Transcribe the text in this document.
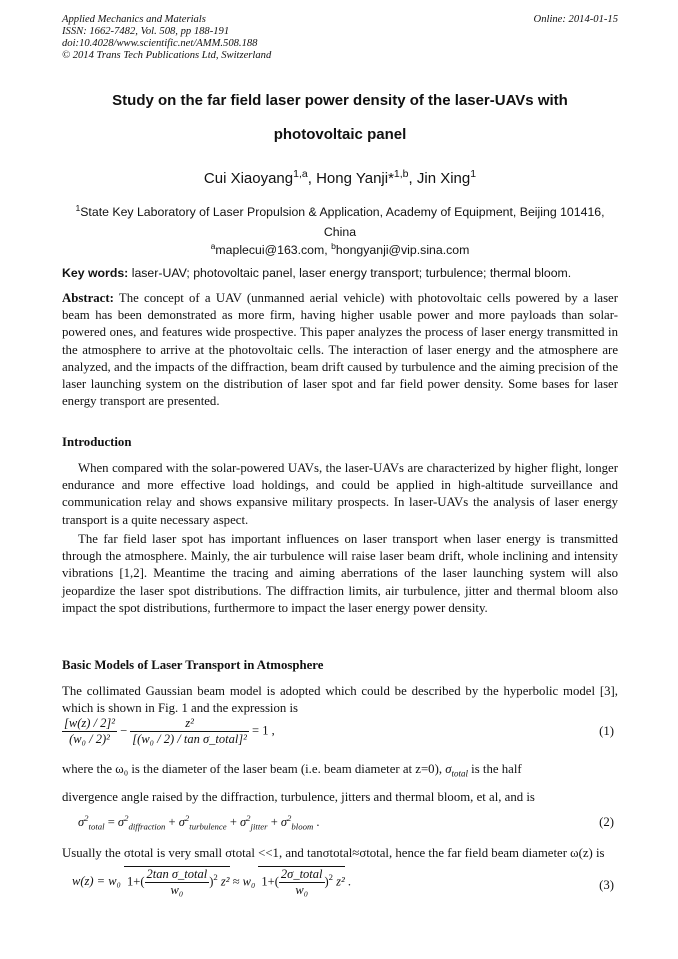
Applied Mechanics and Materials
ISSN: 1662-7482, Vol. 508, pp 188-191
doi:10.4028/www.scientific.net/AMM.508.188
© 2014 Trans Tech Publications Ltd, Switzerland
Online: 2014-01-15
Study on the far field laser power density of the laser-UAVs with
photovoltaic panel
Cui Xiaoyang$^{1,a}$, Hong Yanji*$^{1,b}$, Jin Xing$^1$
$^1$State Key Laboratory of Laser Propulsion & Application, Academy of Equipment, Beijing 101416, China
$^a$maplecui@163.com, $^b$hongyanji@vip.sina.com
Key words: laser-UAV; photovoltaic panel, laser energy transport; turbulence; thermal bloom.

Abstract: The concept of a UAV (unmanned aerial vehicle) with photovoltaic cells powered by a laser beam has been demonstrated as more firm, having higher usable power and more payloads than solar-powered ones, and features wide prospective. This paper analyzes the process of laser energy transmitted in the atmosphere to arrive at the photovoltaic cells. The interaction of laser energy and the atmosphere are analyzed, and the impacts of the diffraction, beam drift caused by turbulence and the aiming precision of the laser launching system on the distribution of laser spot and far field power density. Some bases for laser energy transport are presented.

Introduction

When compared with the solar-powered UAVs, the laser-UAVs are characterized by higher flight, longer endurance and more effective load holdings, and could be applied in high-altitude surveillance and communication relay and shows expansive military prospects. In laser-UAVs the analysis of laser energy transport is a quite necessary aspect.

The far field laser spot has important influences on laser transport when laser energy is transmitted through the atmosphere. Mainly, the air turbulence will raise laser beam drift, whole inclining and intensity vibrations [1,2]. Meantime the tracing and aiming aberrations of the laser launching system will also jeopardize the laser spot distributions. The diffraction limits, air turbulence, jitter and thermal bloom also impact the spot distributions, furthermore to impact the laser energy power density.

Basic Models of Laser Transport in Atmosphere

The collimated Gaussian beam model is adopted which could be described by the hyperbolic model [3], which is shown in Fig. 1 and the expression is

$\frac{\text{[w(z) / 2]²}}{\text{(w₀ / 2)²}} - \frac{\text{z²}}{\text{[(w₀ / 2) / tan σ\_total]²}} = 1$ ,	(1)

where the ω₀ is the diameter of the laser beam (i.e. beam diameter at z=0), $\sigma_{total}$ is the half

divergence angle raised by the diffraction, turbulence, jitters and thermal bloom, et al, and is

$\sigma^2_{total} = \sigma^2_{diffraction} + \sigma^2_{turbulence} + \sigma^2_{jitter} + \sigma^2_{bloom}$ .	(2)

Usually the σtotal is very small σtotal <<1, and tanσtotal≈σtotal, hence the far field beam diameter ω(z) is

w(z) = w₀ $1+( \frac{\text{2tan σ\_total}}{\text{w₀}} )^2$ z² ≈ w₀ $1+( \frac{\text{2σ\_total}}{\text{w₀}} )^2$ z² .	(3)
